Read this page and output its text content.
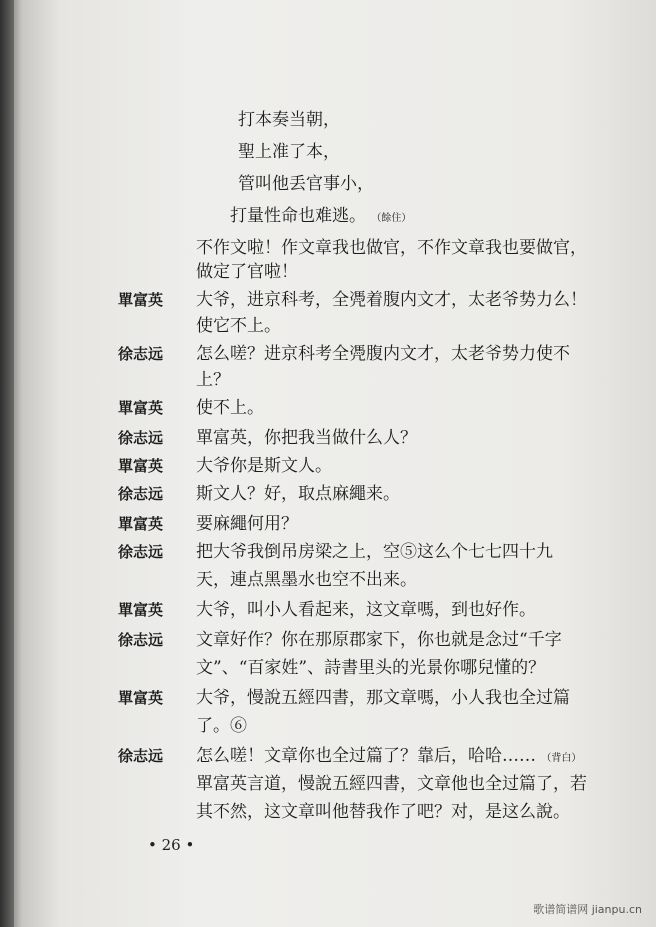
打本奏当朝，
聖上准了本，
管叫他丢官事小，
打量性命也难逃。 （餘住）
不作文啦！作文章我也做官，不作文章我也要做官，
做定了官啦！
單富英 大爷，进京科考，全凴着腹内文才，太老爷势力么！
使它不上。
徐志远 怎么嗟？进京科考全凴腹内文才，太老爷势力使不
上？
單富英 使不上。
徐志远 單富英，你把我当做什么人？
單富英 大爷你是斯文人。
徐志远 斯文人？好，取点麻繩来。
單富英 要麻繩何用？
徐志远 把大爷我倒吊房梁之上，空⑤这么个七七四十九
天，連点黑墨水也空不出来。
單富英 大爷，叫小人看起来，这文章嗎，到也好作。
徐志远 文章好作？你在那原郡家下，你也就是念过“千字
文”、“百家姓”、詩書里头的光景你哪兒懂的？
單富英 大爷，慢說五經四書，那文章嗎，小人我也全过篇
了。⑥
徐志远 怎么嗟！文章你也全过篇了？靠后，哈哈…… （背白）
單富英言道，慢說五經四書，文章他也全过篇了，若
其不然，这文章叫他替我作了吧？对，是这么說。
• 26 •
歌谱简谱网 jianpu.cn
